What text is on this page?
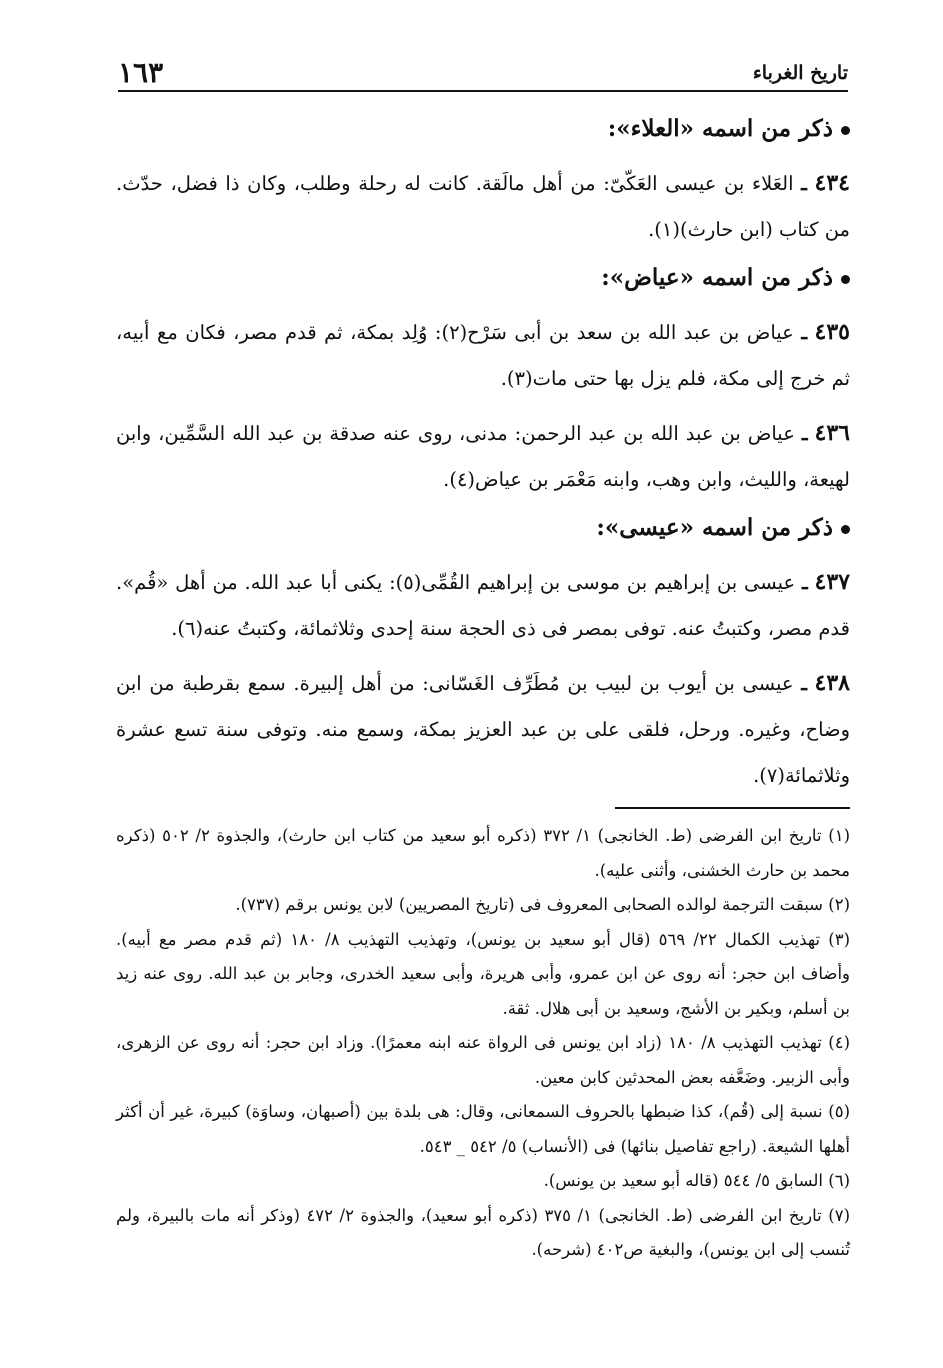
تاريخ الغرباء
١٦٣
ذكر من اسمه «العلاء»:

٤٣٤ ـ العَلاء بن عيسى العَكّىّ: من أهل مالَقة. كانت له رحلة وطلب، وكان ذا فضل، حدّث. من كتاب (ابن حارث)(١).

ذكر من اسمه «عياض»:

٤٣٥ ـ عياض بن عبد الله بن سعد بن أبى سَرْح(٢): وُلِد بمكة، ثم قدم مصر، فكان مع أبيه، ثم خرج إلى مكة، فلم يزل بها حتى مات(٣).

٤٣٦ ـ عياض بن عبد الله بن عبد الرحمن: مدنى، روى عنه صدقة بن عبد الله السَّمِّين، وابن لهيعة، والليث، وابن وهب، وابنه مَعْمَر بن عياض(٤).

ذكر من اسمه «عيسى»:

٤٣٧ ـ عيسى بن إبراهيم بن موسى بن إبراهيم القُمِّى(٥): يكنى أبا عبد الله. من أهل «قُم». قدم مصر، وكتبتُ عنه. توفى بمصر فى ذى الحجة سنة إحدى وثلاثمائة، وكتبتُ عنه(٦).

٤٣٨ ـ عيسى بن أيوب بن لبيب بن مُطَرِّف الغَسّانى: من أهل إلبيرة. سمع بقرطبة من ابن وضاح، وغيره. ورحل، فلقى على بن عبد العزيز بمكة، وسمع منه. وتوفى سنة تسع عشرة وثلاثمائة(٧).

(١) تاريخ ابن الفرضى (ط. الخانجى) ١/ ٣٧٢ (ذكره أبو سعيد من كتاب ابن حارث)، والجذوة ٢/ ٥٠٢ (ذكره محمد بن حارث الخشنى، وأثنى عليه).

(٢) سبقت الترجمة لوالده الصحابى المعروف فى (تاريخ المصريين) لابن يونس برقم (٧٣٧).

(٣) تهذيب الكمال ٢٢/ ٥٦٩ (قال أبو سعيد بن يونس)، وتهذيب التهذيب ٨/ ١٨٠ (ثم قدم مصر مع أبيه). وأضاف ابن حجر: أنه روى عن ابن عمرو، وأبى هريرة، وأبى سعيد الخدرى، وجابر بن عبد الله. روى عنه زيد بن أسلم، وبكير بن الأشج، وسعيد بن أبى هلال. ثقة.

(٤) تهذيب التهذيب ٨/ ١٨٠ (زاد ابن يونس فى الرواة عنه ابنه معمرًا). وزاد ابن حجر: أنه روى عن الزهرى، وأبى الزبير. وضَعَّفه بعض المحدثين كابن معين.

(٥) نسبة إلى (قُم)، كذا ضبطها بالحروف السمعانى، وقال: هى بلدة بين (أصبهان، وساوَة) كبيرة، غير أن أكثر أهلها الشيعة. (راجع تفاصيل بنائها) فى (الأنساب) ٥/ ٥٤٢ _ ٥٤٣.

(٦) السابق ٥/ ٥٤٤ (قاله أبو سعيد بن يونس).

(٧) تاريخ ابن الفرضى (ط. الخانجى) ١/ ٣٧٥ (ذكره أبو سعيد)، والجذوة ٢/ ٤٧٢ (وذكر أنه مات بالبيرة، ولم تُنسب إلى ابن يونس)، والبغية ص٤٠٢ (شرحه).
